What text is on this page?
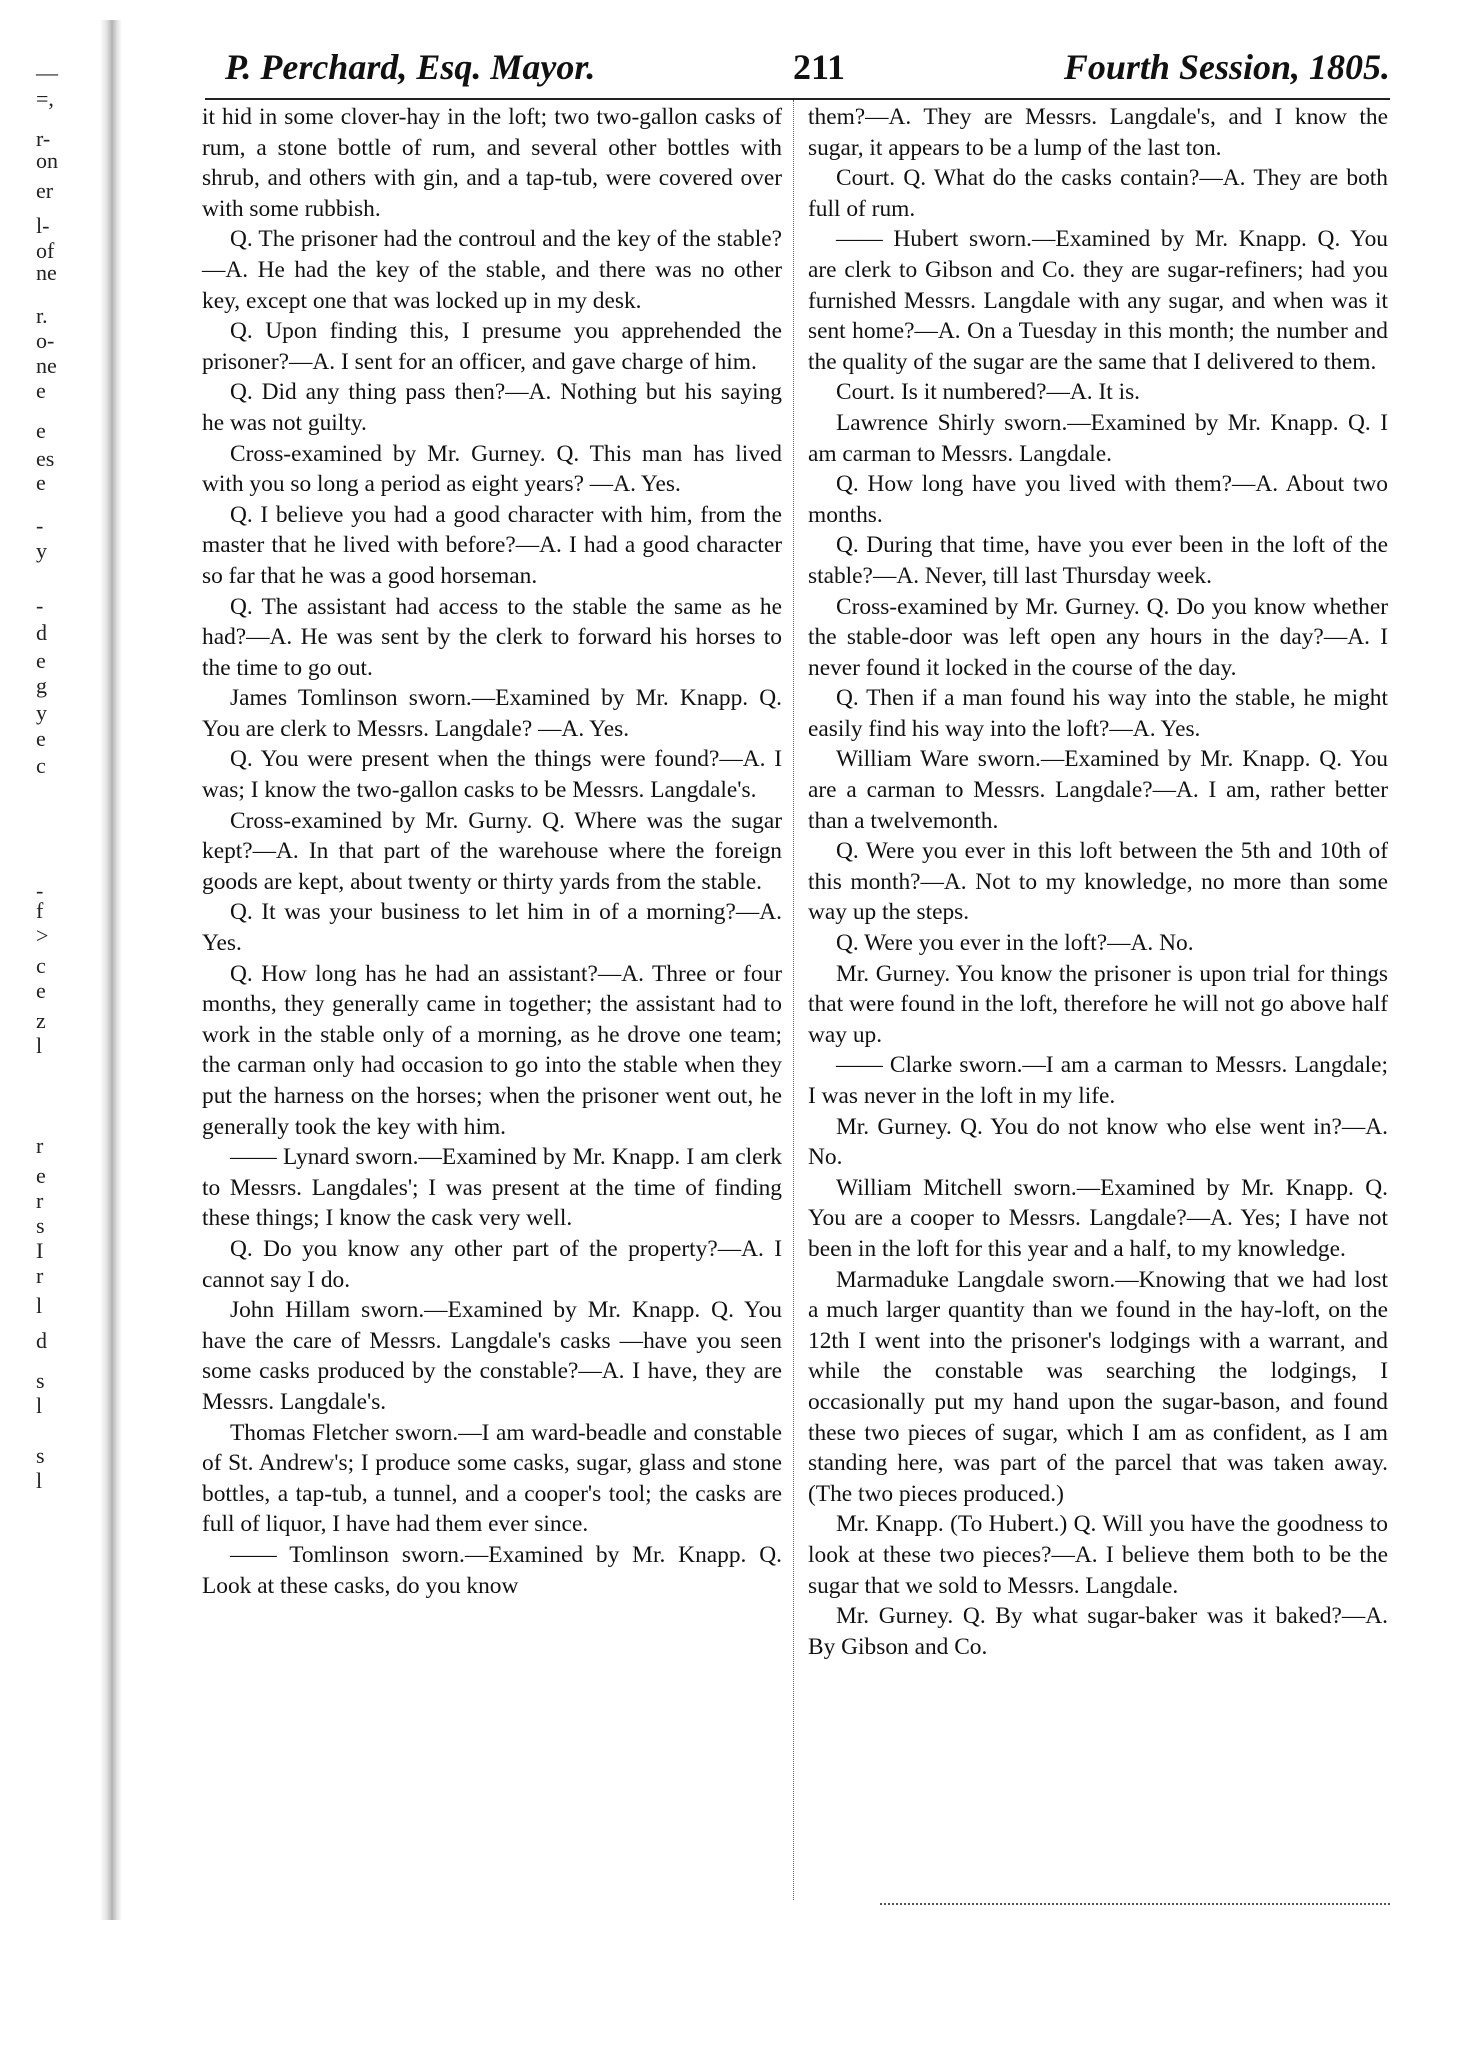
—
=,
r-
on
er
l-
of
ne
r.
o-
ne
e
e
es
e
-
y
-
d
e
g
y
e
c
-
f
>
c
e
z
l
r
e
r
s
I
r
l
d
s
l
s
l
P. Perchard, Esq. Mayor.	211	Fourth Session, 1805.

it hid in some clover-hay in the loft; two two-gallon casks of rum, a stone bottle of rum, and several other bottles with shrub, and others with gin, and a tap-tub, were covered over with some rubbish.

Q. The prisoner had the controul and the key of the stable?—A. He had the key of the stable, and there was no other key, except one that was locked up in my desk.

Q. Upon finding this, I presume you apprehended the prisoner?—A. I sent for an officer, and gave charge of him.

Q. Did any thing pass then?—A. Nothing but his saying he was not guilty.

Cross-examined by Mr. Gurney. Q. This man has lived with you so long a period as eight years? —A. Yes.

Q. I believe you had a good character with him, from the master that he lived with before?—A. I had a good character so far that he was a good horseman.

Q. The assistant had access to the stable the same as he had?—A. He was sent by the clerk to forward his horses to the time to go out.

James Tomlinson sworn.—Examined by Mr. Knapp. Q. You are clerk to Messrs. Langdale? —A. Yes.

Q. You were present when the things were found?—A. I was; I know the two-gallon casks to be Messrs. Langdale's.

Cross-examined by Mr. Gurny. Q. Where was the sugar kept?—A. In that part of the warehouse where the foreign goods are kept, about twenty or thirty yards from the stable.

Q. It was your business to let him in of a morning?—A. Yes.

Q. How long has he had an assistant?—A. Three or four months, they generally came in together; the assistant had to work in the stable only of a morning, as he drove one team; the carman only had occasion to go into the stable when they put the harness on the horses; when the prisoner went out, he generally took the key with him.

—— Lynard sworn.—Examined by Mr. Knapp. I am clerk to Messrs. Langdales'; I was present at the time of finding these things; I know the cask very well.

Q. Do you know any other part of the property?—A. I cannot say I do.

John Hillam sworn.—Examined by Mr. Knapp. Q. You have the care of Messrs. Langdale's casks —have you seen some casks produced by the constable?—A. I have, they are Messrs. Langdale's.

Thomas Fletcher sworn.—I am ward-beadle and constable of St. Andrew's; I produce some casks, sugar, glass and stone bottles, a tap-tub, a tunnel, and a cooper's tool; the casks are full of liquor, I have had them ever since.

—— Tomlinson sworn.—Examined by Mr. Knapp. Q. Look at these casks, do you know

them?—A. They are Messrs. Langdale's, and I know the sugar, it appears to be a lump of the last ton.

Court. Q. What do the casks contain?—A. They are both full of rum.

—— Hubert sworn.—Examined by Mr. Knapp. Q. You are clerk to Gibson and Co. they are sugar-refiners; had you furnished Messrs. Langdale with any sugar, and when was it sent home?—A. On a Tuesday in this month; the number and the quality of the sugar are the same that I delivered to them.

Court. Is it numbered?—A. It is.

Lawrence Shirly sworn.—Examined by Mr. Knapp. Q. I am carman to Messrs. Langdale.

Q. How long have you lived with them?—A. About two months.

Q. During that time, have you ever been in the loft of the stable?—A. Never, till last Thursday week.

Cross-examined by Mr. Gurney. Q. Do you know whether the stable-door was left open any hours in the day?—A. I never found it locked in the course of the day.

Q. Then if a man found his way into the stable, he might easily find his way into the loft?—A. Yes.

William Ware sworn.—Examined by Mr. Knapp. Q. You are a carman to Messrs. Langdale?—A. I am, rather better than a twelvemonth.

Q. Were you ever in this loft between the 5th and 10th of this month?—A. Not to my knowledge, no more than some way up the steps.

Q. Were you ever in the loft?—A. No.

Mr. Gurney. You know the prisoner is upon trial for things that were found in the loft, therefore he will not go above half way up.

—— Clarke sworn.—I am a carman to Messrs. Langdale; I was never in the loft in my life.

Mr. Gurney. Q. You do not know who else went in?—A. No.

William Mitchell sworn.—Examined by Mr. Knapp. Q. You are a cooper to Messrs. Langdale?—A. Yes; I have not been in the loft for this year and a half, to my knowledge.

Marmaduke Langdale sworn.—Knowing that we had lost a much larger quantity than we found in the hay-loft, on the 12th I went into the prisoner's lodgings with a warrant, and while the constable was searching the lodgings, I occasionally put my hand upon the sugar-bason, and found these two pieces of sugar, which I am as confident, as I am standing here, was part of the parcel that was taken away. (The two pieces produced.)

Mr. Knapp. (To Hubert.) Q. Will you have the goodness to look at these two pieces?—A. I believe them both to be the sugar that we sold to Messrs. Langdale.

Mr. Gurney. Q. By what sugar-baker was it baked?—A. By Gibson and Co.
